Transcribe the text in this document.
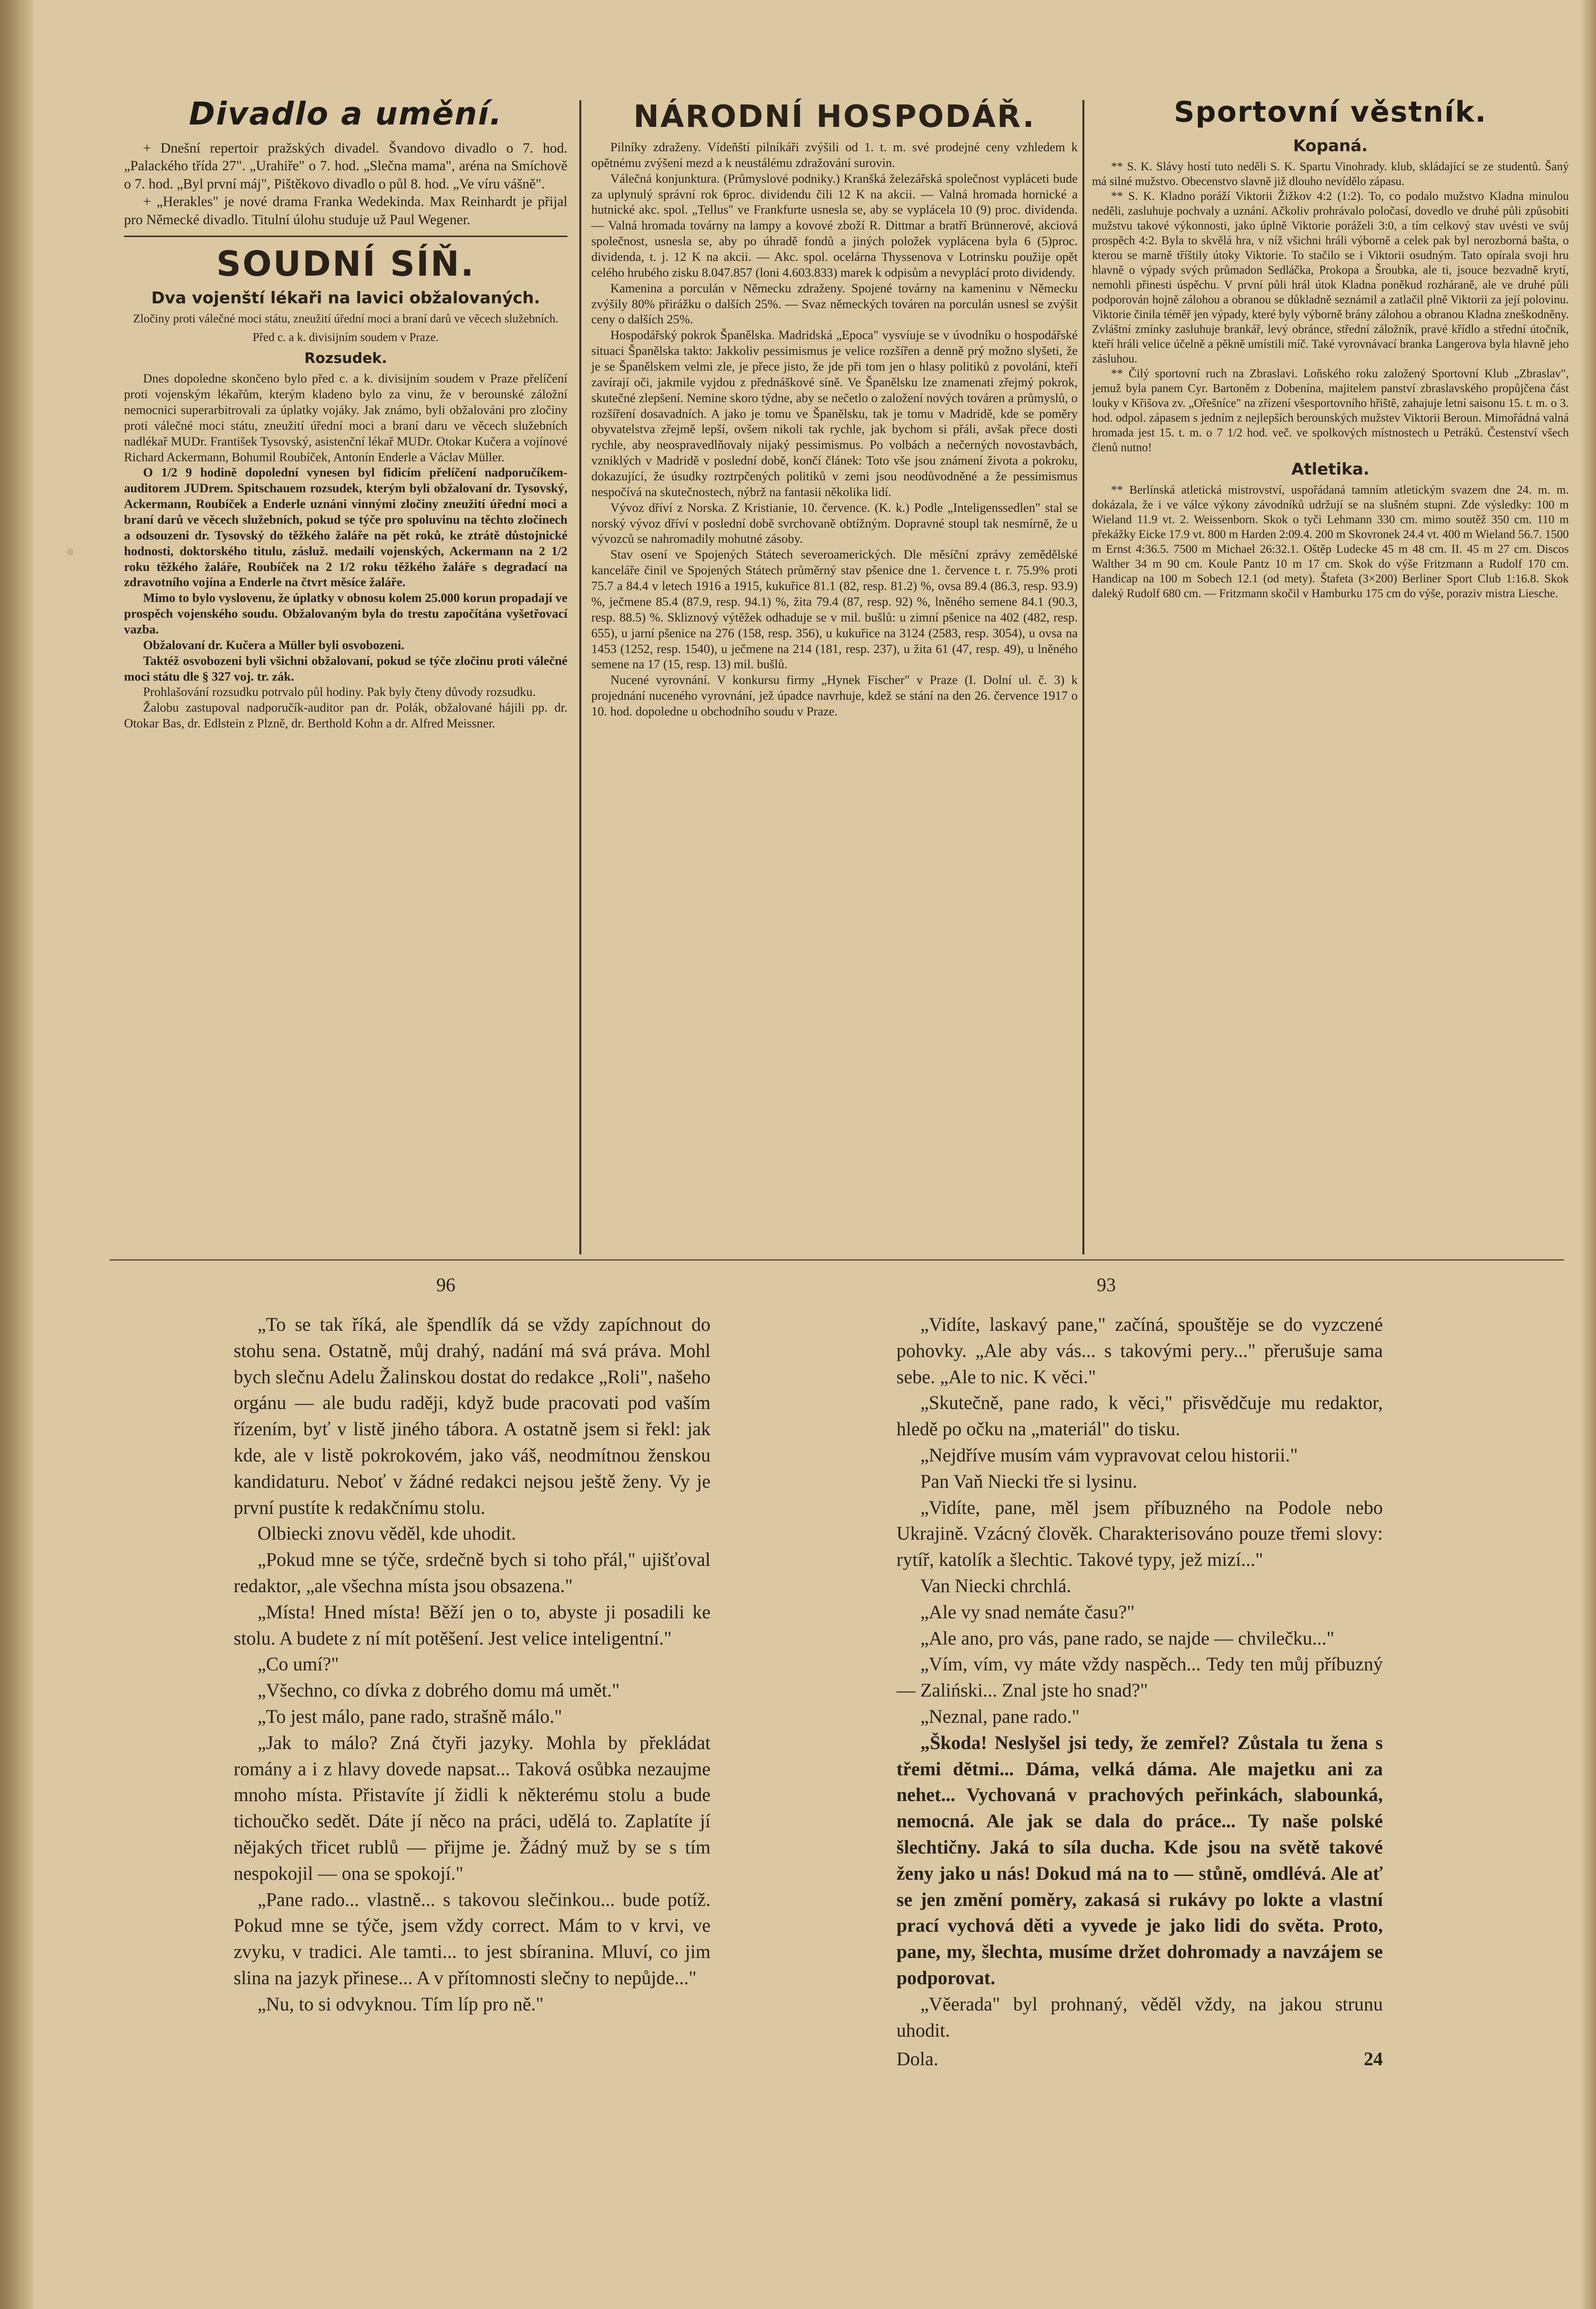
Divadlo a umění.

+ Dnešní repertoir pražských divadel. Švandovo divadlo o 7. hod. „Palackého třída 27". „Urahiře" o 7. hod. „Slečna mama", aréna na Smíchově o 7. hod. „Byl první máj", Pištěkovo divadlo o půl 8. hod. „Ve víru vášně".

+ „Herakles" je nové drama Franka Wedekinda. Max Reinhardt je přijal pro Německé divadlo. Titulní úlohu studuje už Paul Wegener.

SOUDNÍ SÍŇ.
Dva vojenští lékaři na lavici obžalovaných.
Zločiny proti válečné moci státu, zneužití úřední moci a braní darů ve věcech služebních.
Před c. a k. divisijním soudem v Praze.
Rozsudek.

Dnes dopoledne skončeno bylo před c. a k. divisijním soudem v Praze přelíčení proti vojenským lékařům, kterým kladeno bylo za vinu, že v berounské záložní nemocnici superarbitrovali za úplatky vojáky. Jak známo, byli obžalováni pro zločiny proti válečné moci státu, zneužití úřední moci a braní daru ve věcech služebních nadlékař MUDr. František Tysovský, asistenční lékař MUDr. Otokar Kučera a vojínové Richard Ackermann, Bohumil Roubíček, Antonín Enderle a Václav Müller.

O 1/2 9 hodině dopolední vynesen byl fidicím přelíčení nadporučíkem-auditorem JUDrem. Spitschauem rozsudek, kterým byli obžalovaní dr. Tysovský, Ackermann, Roubíček a Enderle uznáni vinnými zločiny zneužití úřední moci a braní darů ve věcech služebních, pokud se týče pro spoluvinu na těchto zločinech a odsouzeni dr. Tysovský do těžkého žaláře na pět roků, ke ztrátě důstojnické hodnosti, doktorského titulu, zásluž. medailí vojenských, Ackermann na 2 1/2 roku těžkého žaláře, Roubíček na 2 1/2 roku těžkého žaláře s degradací na zdravotního vojína a Enderle na čtvrt měsíce žaláře.

Mimo to bylo vyslovenu, že úplatky v obnosu kolem 25.000 korun propadají ve prospěch vojenského soudu. Obžalovaným byla do trestu započítána vyšetřovací vazba.

Obžalovaní dr. Kučera a Müller byli osvobozeni.

Taktéž osvobozeni byli všichni obžalovaní, pokud se týče zločinu proti válečné moci státu dle § 327 voj. tr. zák.

Prohlašování rozsudku potrvalo půl hodiny. Pak byly čteny důvody rozsudku.

Žalobu zastupoval nadporučík-auditor pan dr. Polák, obžalované hájili pp. dr. Otokar Bas, dr. Edlstein z Plzně, dr. Berthold Kohn a dr. Alfred Meissner.

NÁRODNÍ HOSPODÁŘ.

Pilníky zdraženy. Vídeňští pilníkáři zvýšili od 1. t. m. své prodejné ceny vzhledem k opětnému zvýšení mezd a k neustálému zdražování surovin.

Válečná konjunktura. (Průmyslové podniky.) Kranšká železářská společnost vypláceti bude za uplynulý správní rok 6proc. dividendu čili 12 K na akcii. — Valná hromada hornické a hutnické akc. spol. „Tellus" ve Frankfurte usnesla se, aby se vyplácela 10 (9) proc. dividenda. — Valná hromada továrny na lampy a kovové zboží R. Dittmar a bratří Brünnerové, akciová společnost, usnesla se, aby po úhradě fondů a jiných položek vyplácena byla 6 (5)proc. dividenda, t. j. 12 K na akcii. — Akc. spol. ocelárna Thyssenova v Lotrinsku použije opět celého hrubého zisku 8.047.857 (loni 4.603.833) marek k odpisům a nevyplácí proto dividendy.

Kamenina a porculán v Německu zdraženy. Spojené továrny na kameninu v Německu zvýšily 80% přirážku o dalších 25%. — Svaz německých továren na porculán usnesl se zvýšit ceny o dalších 25%.

Hospodářský pokrok Španělska. Madridská „Epoca" vysvíuje se v úvodníku o hospodářské situaci Španělska takto: Jakkoliv pessimismus je velice rozšířen a denně prý možno slyšeti, že je se Španělskem velmi zle, je přece jisto, že jde při tom jen o hlasy politiků z povolání, kteří zavírají oči, jakmile vyjdou z přednáškové síně. Ve Španělsku lze znamenati zřejmý pokrok, skutečné zlepšení. Nemine skoro týdne, aby se nečetlo o založení nových továren a průmyslů, o rozšíření dosavadních. A jako je tomu ve Španělsku, tak je tomu v Madridě, kde se poměry obyvatelstva zřejmě lepší, ovšem nikoli tak rychle, jak bychom si přáli, avšak přece dosti rychle, aby neospravedlňovaly nijaký pessimismus. Po volbách a nečerných novostavbách, vzniklých v Madridě v poslední době, končí článek: Toto vše jsou známení života a pokroku, dokazující, že úsudky roztrpčených politiků v zemi jsou neodůvodněné a že pessimismus nespočívá na skutečnostech, nýbrž na fantasii několika lidí.

Vývoz dříví z Norska. Z Kristianie, 10. července. (K. k.) Podle „Inteligenssedlen" stal se norský vývoz dříví v poslední době svrchovaně obtížným. Dopravné stoupl tak nesmírně, že u vývozců se nahromadily mohutné zásoby.

Stav osení ve Spojených Státech severoamerických. Dle měsíční zprávy zemědělské kanceláře činil ve Spojených Státech průměrný stav pšenice dne 1. července t. r. 75.9% proti 75.7 a 84.4 v letech 1916 a 1915, kukuřice 81.1 (82, resp. 81.2) %, ovsa 89.4 (86.3, resp. 93.9) %, ječmene 85.4 (87.9, resp. 94.1) %, žita 79.4 (87, resp. 92) %, lněného semene 84.1 (90.3, resp. 88.5) %. Skliznový výtěžek odhaduje se v mil. bušlů: u zimní pšenice na 402 (482, resp. 655), u jarní pšenice na 276 (158, resp. 356), u kukuřice na 3124 (2583, resp. 3054), u ovsa na 1453 (1252, resp. 1540), u ječmene na 214 (181, resp. 237), u žita 61 (47, resp. 49), u lněného semene na 17 (15, resp. 13) mil. bušlů.

Nucené vyrovnání. V konkursu firmy „Hynek Fischer" v Praze (I. Dolní ul. č. 3) k projednání nuceného vyrovnání, jež úpadce navrhuje, kdež se stání na den 26. července 1917 o 10. hod. dopoledne u obchodního soudu v Praze.

Sportovní věstník.
Kopaná.

** S. K. Slávy hostí tuto neděli S. K. Spartu Vinohrady. klub, skládající se ze studentů. Šaný má silné mužstvo. Obecenstvo slavně již dlouho nevídělo zápasu.

** S. K. Kladno poráží Viktorii Žižkov 4:2 (1:2). To, co podalo mužstvo Kladna minulou neděli, zasluhuje pochvaly a uznání. Ačkoliv prohrávalo poločasí, dovedlo ve druhé půli způsobiti mužstvu takové výkonnosti, jako úplně Viktorie poráželi 3:0, a tím celkový stav uvésti ve svůj prospěch 4:2. Byla to skvělá hra, v níž všichni hráli výborně a celek pak byl nerozborná bašta, o kterou se marně tříštily útoky Viktorie. To stačilo se i Viktorii osudným. Tato opírala svoji hru hlavně o výpady svých průmadon Sedláčka, Prokopa a Šroubka, ale ti, jsouce bezvadně krytí, nemohli přinesti úspěchu. V první půli hrál útok Kladna poněkud rozháraně, ale ve druhé půli podporován hojně zálohou a obranou se důkladně seznámil a zatlačil plně Viktorii za její polovinu. Viktorie činila téměř jen výpady, které byly výborně brány zálohou a obranou Kladna zneškodněny. Zvláštní zmínky zasluhuje brankář, levý obránce, střední záložník, pravé křídlo a střední útočník, kteří hráli velice účelně a pěkně umístili míč. Také vyrovnávací branka Langerova byla hlavně jeho zásluhou.

** Čilý sportovní ruch na Zbraslavi. Loňského roku založený Sportovní Klub „Zbraslav", jemuž byla panem Cyr. Bartoněm z Dobenína, majitelem panství zbraslavského propůjčena část louky v Křišova zv. „Ořešníce" na zřízení všesportovního hřiště, zahajuje letní saisonu 15. t. m. o 3. hod. odpol. zápasem s jedním z nejlepších berounských mužstev Viktorii Beroun. Mimořádná valná hromada jest 15. t. m. o 7 1/2 hod. več. ve spolkových místnostech u Petráků. Čestenství všech členů nutno!

Atletika.

** Berlínská atletická mistrovství, uspořádaná tamním atletickým svazem dne 24. m. m. dokázala, že i ve válce výkony závodníků udržují se na slušném stupni. Zde výsledky: 100 m Wieland 11.9 vt. 2. Weissenborn. Skok o tyči Lehmann 330 cm. mimo soutěž 350 cm. 110 m překážky Eicke 17.9 vt. 800 m Harden 2:09.4. 200 m Skovronek 24.4 vt. 400 m Wieland 56.7. 1500 m Ernst 4:36.5. 7500 m Michael 26:32.1. Oštěp Ludecke 45 m 48 cm. II. 45 m 27 cm. Discos Walther 34 m 90 cm. Koule Pantz 10 m 17 cm. Skok do výše Fritzmann a Rudolf 170 cm. Handicap na 100 m Sobech 12.1 (od mety). Štafeta (3×200) Berliner Sport Club 1:16.8. Skok daleký Rudolf 680 cm. — Fritzmann skočil v Hamburku 175 cm do výše, poraziv mistra Liesche.

96	93

„To se tak říká, ale špendlík dá se vždy zapíchnout do stohu sena. Ostatně, můj drahý, nadání má svá práva. Mohl bych slečnu Adelu Žalinskou dostat do redakce „Roli", našeho orgánu — ale budu raději, když bude pracovati pod vaším řízením, byť v listě jiného tábora. A ostatně jsem si řekl: jak kde, ale v listě pokrokovém, jako váš, neodmítnou ženskou kandidaturu. Neboť v žádné redakci nejsou ještě ženy. Vy je první pustíte k redakčnímu stolu.

Olbiecki znovu věděl, kde uhodit.

„Pokud mne se týče, srdečně bych si toho přál," ujišťoval redaktor, „ale všechna místa jsou obsazena."

„Místa! Hned místa! Běží jen o to, abyste ji posadili ke stolu. A budete z ní mít potěšení. Jest velice inteligentní."

„Co umí?"

„Všechno, co dívka z dobrého domu má umět."

„To jest málo, pane rado, strašně málo."

„Jak to málo? Zná čtyři jazyky. Mohla by překládat romány a i z hlavy dovede napsat... Taková osůbka nezaujme mnoho místa. Přistavíte jí židli k některému stolu a bude tichoučko sedět. Dáte jí něco na práci, udělá to. Zaplatíte jí nějakých třicet rublů — přijme je. Žádný muž by se s tím nespokojil — ona se spokojí."

„Pane rado... vlastně... s takovou slečinkou... bude potíž. Pokud mne se týče, jsem vždy correct. Mám to v krvi, ve zvyku, v tradici. Ale tamti... to jest sbíranina. Mluví, co jim slina na jazyk přinese... A v přítomnosti slečny to nepůjde..."

„Nu, to si odvyknou. Tím líp pro ně."

„Vidíte, laskavý pane," začíná, spouštěje se do vyzczené pohovky. „Ale aby vás... s takovými pery..." přerušuje sama sebe. „Ale to nic. K věci."

„Skutečně, pane rado, k věci," přisvědčuje mu redaktor, hledě po očku na „materiál" do tisku.

„Nejdříve musím vám vypravovat celou historii."

Pan Vaň Niecki tře si lysinu.

„Vidíte, pane, měl jsem příbuzného na Podole nebo Ukrajině. Vzácný člověk. Charakterisováno pouze třemi slovy: rytíř, katolík a šlechtic. Takové typy, jež mizí..."

Van Niecki chrchlá.

„Ale vy snad nemáte času?"

„Ale ano, pro vás, pane rado, se najde — chvilečku..."

„Vím, vím, vy máte vždy naspěch... Tedy ten můj příbuzný — Zaliński... Znal jste ho snad?"

„Neznal, pane rado."

„Škoda! Neslyšel jsi tedy, že zemřel? Zůstala tu žena s třemi dětmi... Dáma, velká dáma. Ale majetku ani za nehet... Vychovaná v prachových peřinkách, slabounká, nemocná. Ale jak se dala do práce... Ty naše polské šlechtičny. Jaká to síla ducha. Kde jsou na světě takové ženy jako u nás! Dokud má na to — stůně, omdlévá. Ale ať se jen změní poměry, zakasá si rukávy po lokte a vlastní prací vychová děti a vyvede je jako lidi do světa. Proto, pane, my, šlechta, musíme držet dohromady a navzájem se podporovat.

„Věerada" byl prohnaný, věděl vždy, na jakou strunu uhodit.

Dola.	24
